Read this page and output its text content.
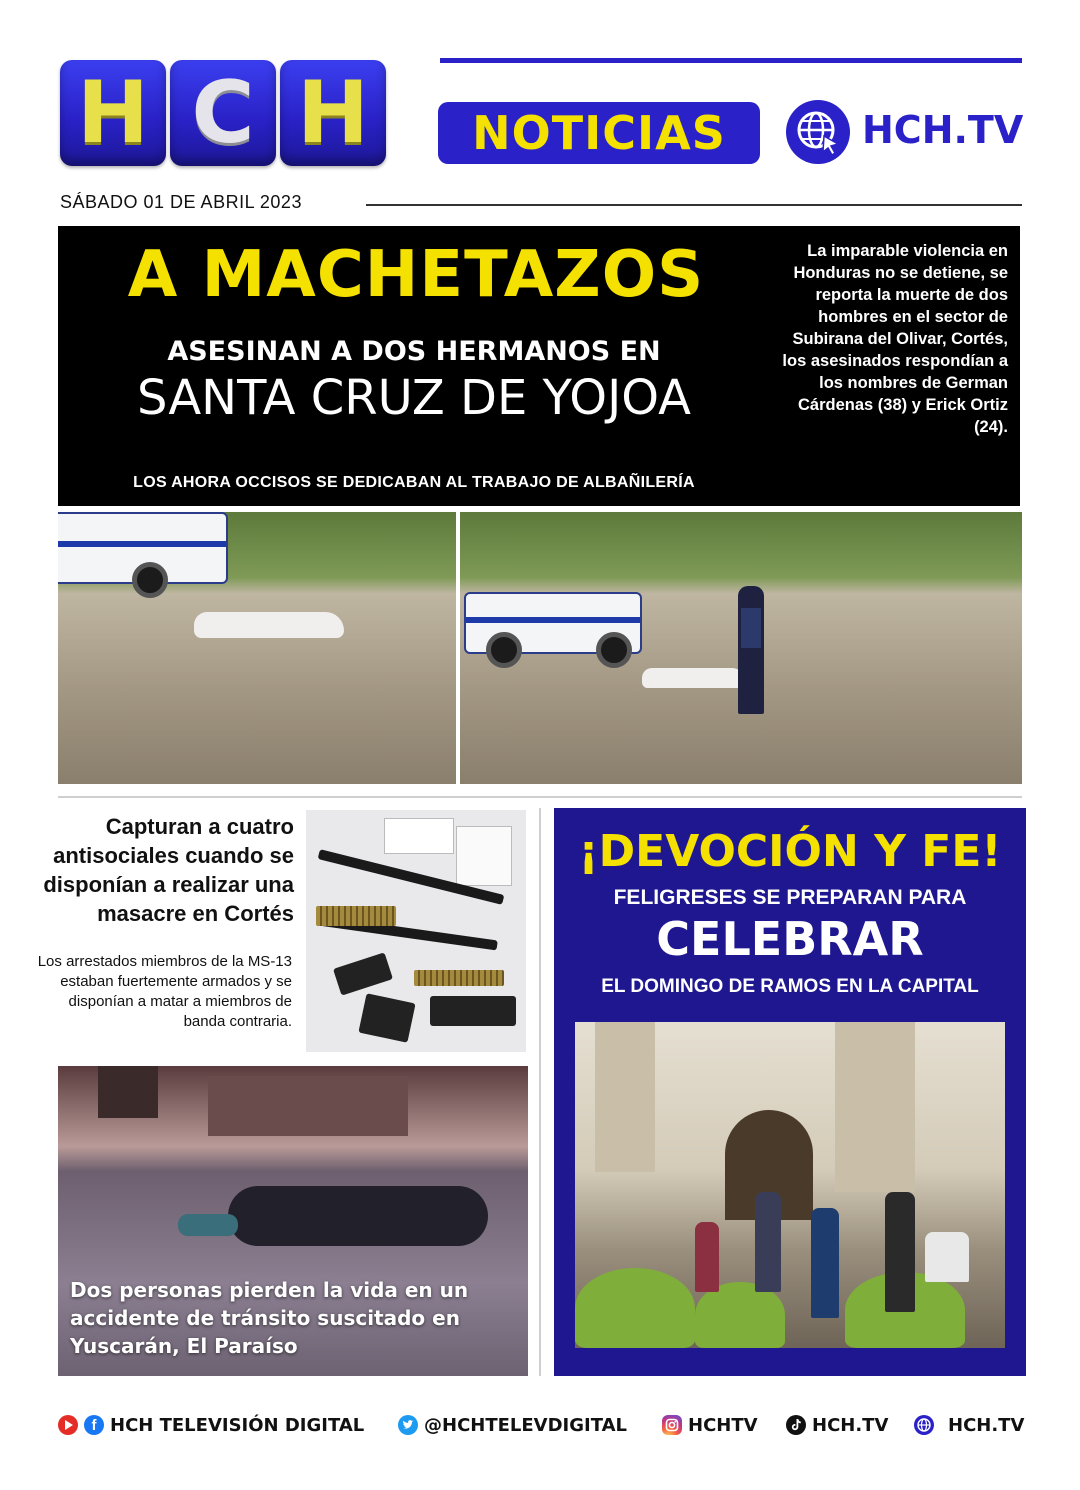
H C H NOTICIAS	HCH.TV
SÁBADO 01 DE ABRIL 2023
A MACHETAZOS
ASESINAN A DOS HERMANOS EN
SANTA CRUZ DE YOJOA
LOS AHORA OCCISOS SE DEDICABAN AL TRABAJO DE ALBAÑILERÍA
La imparable violencia en Honduras no se detiene, se reporta la muerte de dos hombres en el sector de Subirana del Olivar, Cortés, los asesinados respondían a los nombres de German Cárdenas (38) y Erick Ortiz (24).
Capturan a cuatro antisociales cuando se disponían a realizar una masacre en Cortés
Los arrestados miembros de la MS-13 estaban fuertemente armados y se disponían a matar a miembros de banda contraria.
Dos personas pierden la vida en un accidente de tránsito suscitado en Yuscarán, El Paraíso
¡DEVOCIÓN Y FE!
FELIGRESES SE PREPARAN PARA
CELEBRAR
EL DOMINGO DE RAMOS EN LA CAPITAL
f HCH TELEVISIÓN DIGITAL	@HCHTELEVDIGITAL	HCHTV	HCH.TV	HCH.TV
